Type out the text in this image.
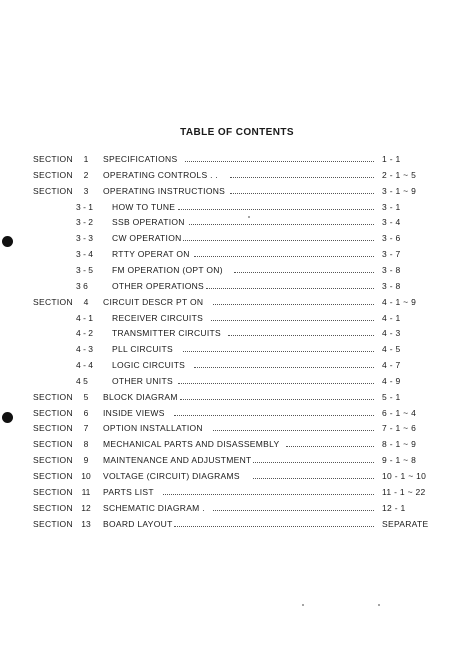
TABLE OF CONTENTS
SECTION	1	SPECIFICATIONS	1 - 1
SECTION	2	OPERATING CONTROLS . .	2 - 1 ~ 5
SECTION	3	OPERATING INSTRUCTIONS	3 - 1 ~ 9
3 - 1	HOW TO TUNE	3 - 1
3 - 2	SSB OPERATION	3 - 4
3 - 3	CW OPERATION	3 - 6
3 - 4	RTTY OPERAT ON	3 - 7
3 - 5	FM OPERATION (OPT ON)	3 - 8
3 6	OTHER OPERATIONS	3 - 8
SECTION	4	CIRCUIT DESCR PT ON	4 - 1 ~ 9
4 - 1	RECEIVER CIRCUITS	4 - 1
4 - 2	TRANSMITTER CIRCUITS	4 - 3
4 - 3	PLL CIRCUITS	4 - 5
4 - 4	LOGIC CIRCUITS	4 - 7
4 5	OTHER UNITS	4 - 9
SECTION	5	BLOCK DIAGRAM	5 - 1
SECTION	6	INSIDE VIEWS	6 - 1 ~ 4
SECTION	7	OPTION INSTALLATION	7 - 1 ~ 6
SECTION	8	MECHANICAL PARTS AND DISASSEMBLY	8 - 1 ~ 9
SECTION	9	MAINTENANCE AND ADJUSTMENT	9 - 1 ~ 8
SECTION 10 VOLTAGE (CIRCUIT) DIAGRAMS	10 - 1 ~ 10
SECTION 11 PARTS LIST	11 - 1 ~ 22
SECTION 12 SCHEMATIC DIAGRAM .	12 - 1
SECTION 13 BOARD LAYOUT	SEPARATE
